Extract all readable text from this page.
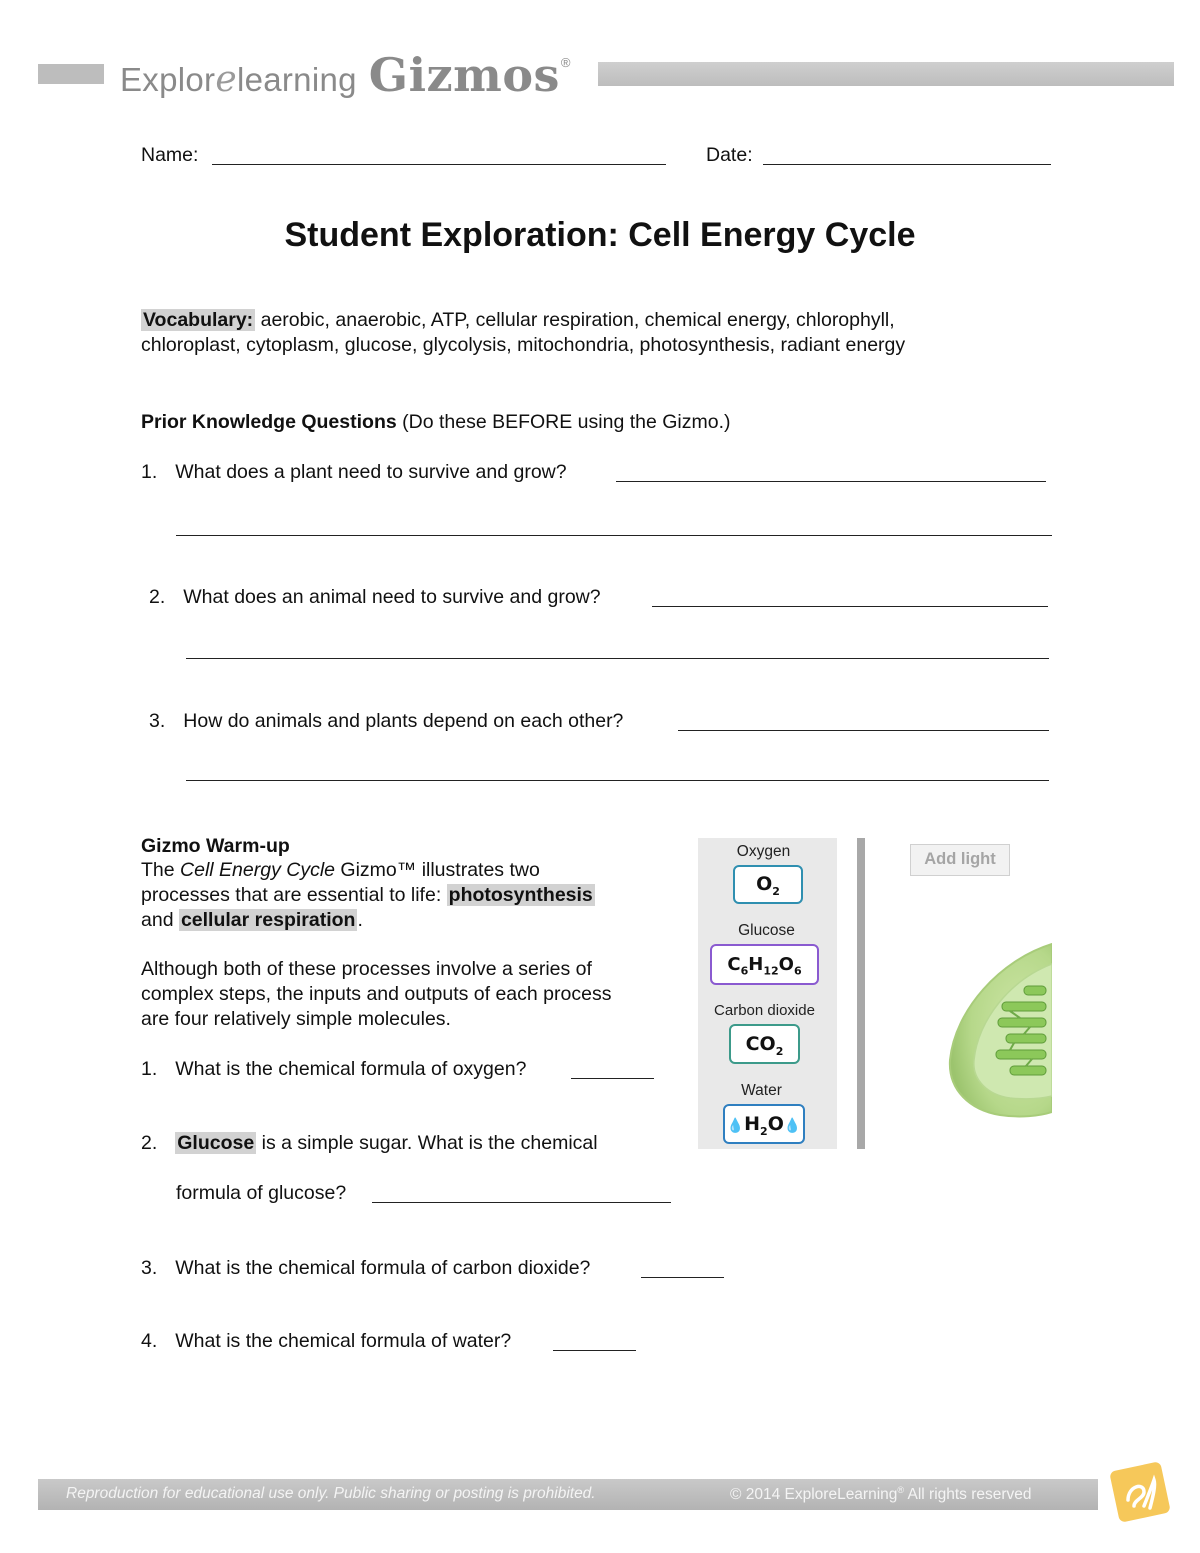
Explorelearning Gizmos ®
Name:	Date:
Student Exploration: Cell Energy Cycle
Vocabulary: aerobic, anaerobic, ATP, cellular respiration, chemical energy, chlorophyll,
chloroplast, cytoplasm, glucose, glycolysis, mitochondria, photosynthesis, radiant energy
Prior Knowledge Questions (Do these BEFORE using the Gizmo.)
1. What does a plant need to survive and grow?
2. What does an animal need to survive and grow?
3. How do animals and plants depend on each other?
Gizmo Warm-up
The Cell Energy Cycle Gizmo™ illustrates two
processes that are essential to life: photosynthesis
and cellular respiration .
Although both of these processes involve a series of
complex steps, the inputs and outputs of each process
are four relatively simple molecules.
1. What is the chemical formula of oxygen?
2. Glucose is a simple sugar. What is the chemical
formula of glucose?
3. What is the chemical formula of carbon dioxide?
4. What is the chemical formula of water?
Oxygen
$O_2$
Glucose
$C_6H_{12}O_6$
Carbon dioxide
$CO_2$
Water
$💧H_2O💧$
Add light
Reproduction for educational use only. Public sharing or posting is prohibited.	© 2014 ExploreLearning® All rights reserved
